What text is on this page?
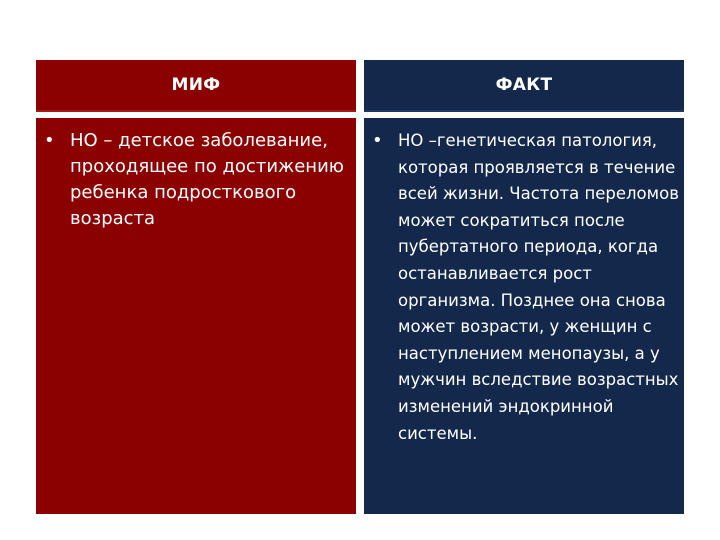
МИФ	ФАКТ
• НО – детское заболевание, проходящее по достижению ребенка подросткового возраста

• НО –генетическая патология, которая проявляется в течение всей жизни. Частота переломов может сократиться после пубертатного периода, когда останавливается рост организма. Позднее она снова может возрасти, у женщин с наступлением менопаузы, а у мужчин вследствие возрастных изменений эндокринной системы.
